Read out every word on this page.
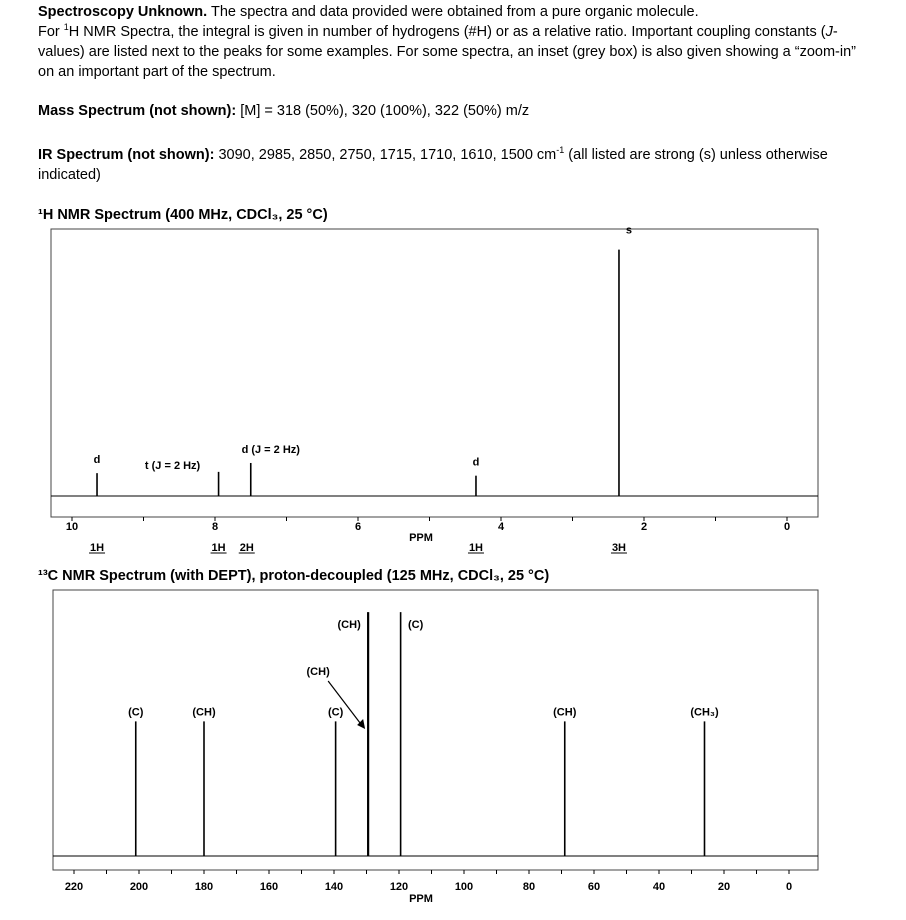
Spectroscopy Unknown. The spectra and data provided were obtained from a pure organic molecule.
For $^1$H NMR Spectra, the integral is given in number of hydrogens (#H) or as a relative ratio. Important coupling constants (J-values) are listed next to the peaks for some examples. For some spectra, an inset (grey box) is also given showing a “zoom-in” on an important part of the spectrum.
Mass Spectrum (not shown): [M] = 318 (50%), 320 (100%), 322 (50%) m/z
IR Spectrum (not shown): 3090, 2985, 2850, 2750, 1715, 1710, 1610, 1500 $cm^{-1}$ (all listed are strong (s) unless otherwise indicated)
¹H NMR Spectrum (400 MHz, CDCl₃, 25 °C)
¹³C NMR Spectrum (with DEPT), proton-decoupled (125 MHz, CDCl₃, 25 °C)
10	8	6	4	2	0
PPM
d
1H
t (J = 2 Hz)
1H
d (J = 2 Hz)
2H
d
1H
s
3H
220	200	180	160	140	120	100	80	60	40	20	0
PPM
(C)	(CH)	(C)
(CH)
(CH)	(C)
(CH)	(CH₃)
